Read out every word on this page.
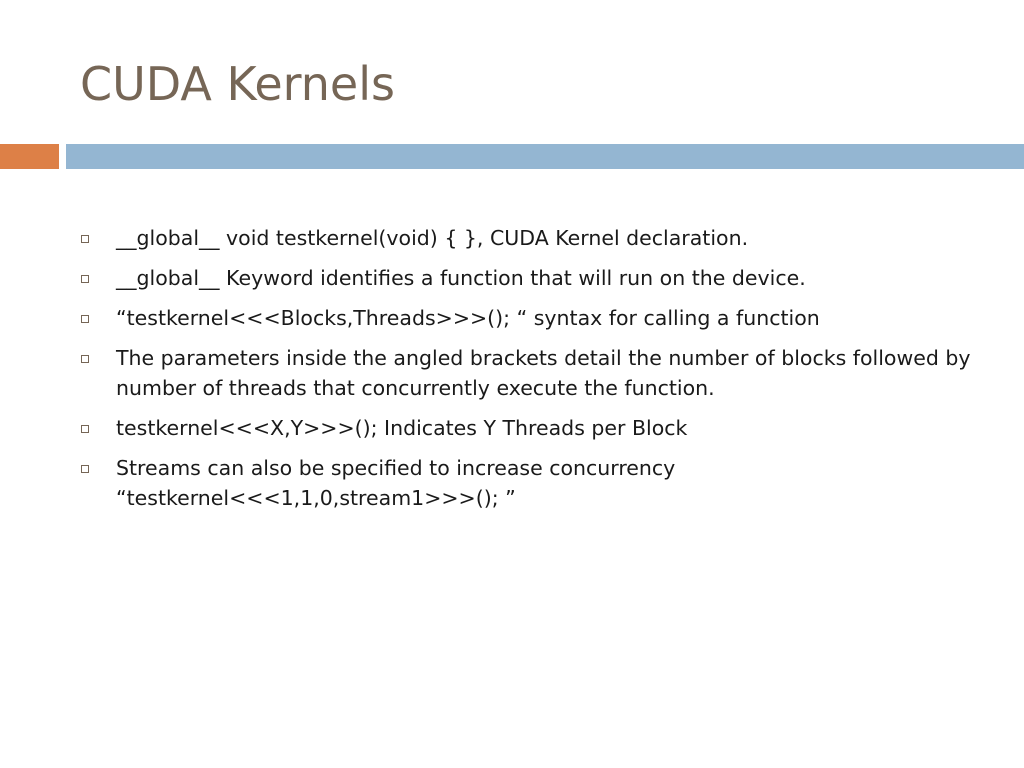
CUDA Kernels
__global__ void testkernel(void) { }, CUDA Kernel declaration.
__global__ Keyword identifies a function that will run on the device.
“testkernel<<<Blocks,Threads>>>(); “ syntax for calling a function
The parameters inside the angled brackets detail the number of blocks followed by number of threads that concurrently execute the function.
testkernel<<<X,Y>>>(); Indicates Y Threads per Block
Streams can also be specified to increase concurrency
“testkernel<<<1,1,0,stream1>>>(); ”
